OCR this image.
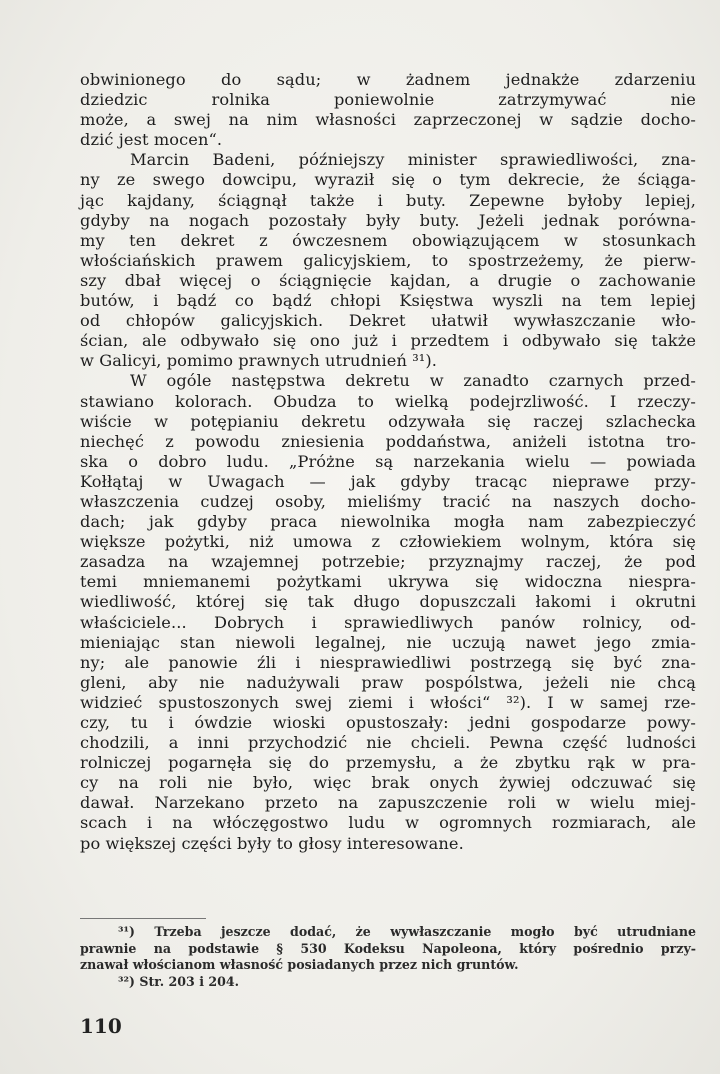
obwinionego do sądu; w żadnem jednakże zdarzeniu
dziedzic rolnika poniewolnie zatrzymywać nie
może, a swej na nim własności zaprzeczonej w sądzie docho-
dzić jest mocen“.
Marcin Badeni, późniejszy minister sprawiedliwości, zna-
ny ze swego dowcipu, wyraził się o tym dekrecie, że ściąga-
jąc kajdany, ściągnął także i buty. Zepewne byłoby lepiej,
gdyby na nogach pozostały były buty. Jeżeli jednak porówna-
my ten dekret z ówczesnem obowiązującem w stosunkach
włościańskich prawem galicyjskiem, to spostrzeżemy, że pierw-
szy dbał więcej o ściągnięcie kajdan, a drugie o zachowanie
butów, i bądź co bądź chłopi Księstwa wyszli na tem lepiej
od chłopów galicyjskich. Dekret ułatwił wywłaszczanie wło-
ścian, ale odbywało się ono już i przedtem i odbywało się także
w Galicyi, pomimo prawnych utrudnień ³¹).
W ogóle następstwa dekretu w zanadto czarnych przed-
stawiano kolorach. Obudza to wielką podejrzliwość. I rzeczy-
wiście w potępianiu dekretu odzywała się raczej szlachecka
niechęć z powodu zniesienia poddaństwa, aniżeli istotna tro-
ska o dobro ludu. „Próżne są narzekania wielu — powiada
Kołłątaj w Uwagach — jak gdyby tracąc nieprawe przy-
właszczenia cudzej osoby, mieliśmy tracić na naszych docho-
dach; jak gdyby praca niewolnika mogła nam zabezpieczyć
większe pożytki, niż umowa z człowiekiem wolnym, która się
zasadza na wzajemnej potrzebie; przyznajmy raczej, że pod
temi mniemanemi pożytkami ukrywa się widoczna niespra-
wiedliwość, której się tak długo dopuszczali łakomi i okrutni
właściciele... Dobrych i sprawiedliwych panów rolnicy, od-
mieniając stan niewoli legalnej, nie uczują nawet jego zmia-
ny; ale panowie źli i niesprawiedliwi postrzegą się być zna-
gleni, aby nie nadużywali praw pospólstwa, jeżeli nie chcą
widzieć spustoszonych swej ziemi i włości“ ³²). I w samej rze-
czy, tu i ówdzie wioski opustoszały: jedni gospodarze powy-
chodzili, a inni przychodzić nie chcieli. Pewna część ludności
rolniczej pogarnęła się do przemysłu, a że zbytku rąk w pra-
cy na roli nie było, więc brak onych żywiej odczuwać się
dawał. Narzekano przeto na zapuszczenie roli w wielu miej-
scach i na włóczęgostwo ludu w ogromnych rozmiarach, ale
po większej części były to głosy interesowane.
³¹) Trzeba jeszcze dodać, że wywłaszczanie mogło być utrudniane
prawnie na podstawie § 530 Kodeksu Napoleona, który pośrednio przy-
znawał włościanom własność posiadanych przez nich gruntów.
³²) Str. 203 i 204.
110
